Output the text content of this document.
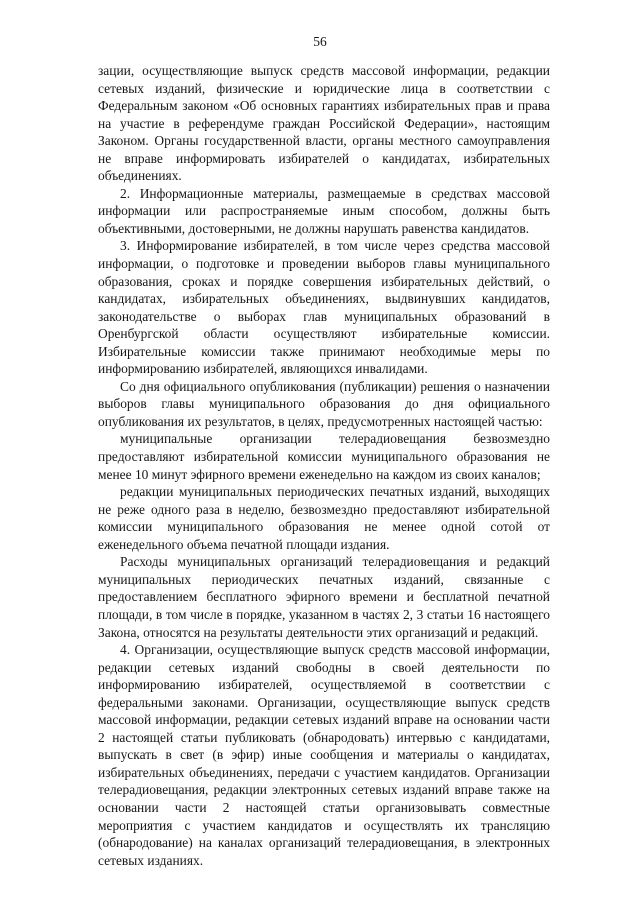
56

зации, осуществляющие выпуск средств массовой информации, редакции сетевых изданий, физические и юридические лица в соответствии с Федеральным законом «Об основных гарантиях избирательных прав и права на участие в референдуме граждан Российской Федерации», настоящим Законом. Органы государственной власти, органы местного самоуправления не вправе информировать избирателей о кандидатах, избирательных объединениях.

2. Информационные материалы, размещаемые в средствах массовой информации или распространяемые иным способом, должны быть объективными, достоверными, не должны нарушать равенства кандидатов.

3. Информирование избирателей, в том числе через средства массовой информации, о подготовке и проведении выборов главы муниципального образования, сроках и порядке совершения избирательных действий, о кандидатах, избирательных объединениях, выдвинувших кандидатов, законодательстве о выборах глав муниципальных образований в Оренбургской области осуществляют избирательные комиссии. Избирательные комиссии также принимают необходимые меры по информированию избирателей, являющихся инвалидами.

Со дня официального опубликования (публикации) решения о назначении выборов главы муниципального образования до дня официального опубликования их результатов, в целях, предусмотренных настоящей частью:

муниципальные организации телерадиовещания безвозмездно предоставляют избирательной комиссии муниципального образования не менее 10 минут эфирного времени еженедельно на каждом из своих каналов;

редакции муниципальных периодических печатных изданий, выходящих не реже одного раза в неделю, безвозмездно предоставляют избирательной комиссии муниципального образования не менее одной сотой от еженедельного объема печатной площади издания.

Расходы муниципальных организаций телерадиовещания и редакций муниципальных периодических печатных изданий, связанные с предоставлением бесплатного эфирного времени и бесплатной печатной площади, в том числе в порядке, указанном в частях 2, 3 статьи 16 настоящего Закона, относятся на результаты деятельности этих организаций и редакций.

4. Организации, осуществляющие выпуск средств массовой информации, редакции сетевых изданий свободны в своей деятельности по информированию избирателей, осуществляемой в соответствии с федеральными законами. Организации, осуществляющие выпуск средств массовой информации, редакции сетевых изданий вправе на основании части 2 настоящей статьи публиковать (обнародовать) интервью с кандидатами, выпускать в свет (в эфир) иные сообщения и материалы о кандидатах, избирательных объединениях, передачи с участием кандидатов. Организации телерадиовещания, редакции электронных сетевых изданий вправе также на основании части 2 настоящей статьи организовывать совместные мероприятия с участием кандидатов и осуществлять их трансляцию (обнародование) на каналах организаций телерадиовещания, в электронных сетевых изданиях.
